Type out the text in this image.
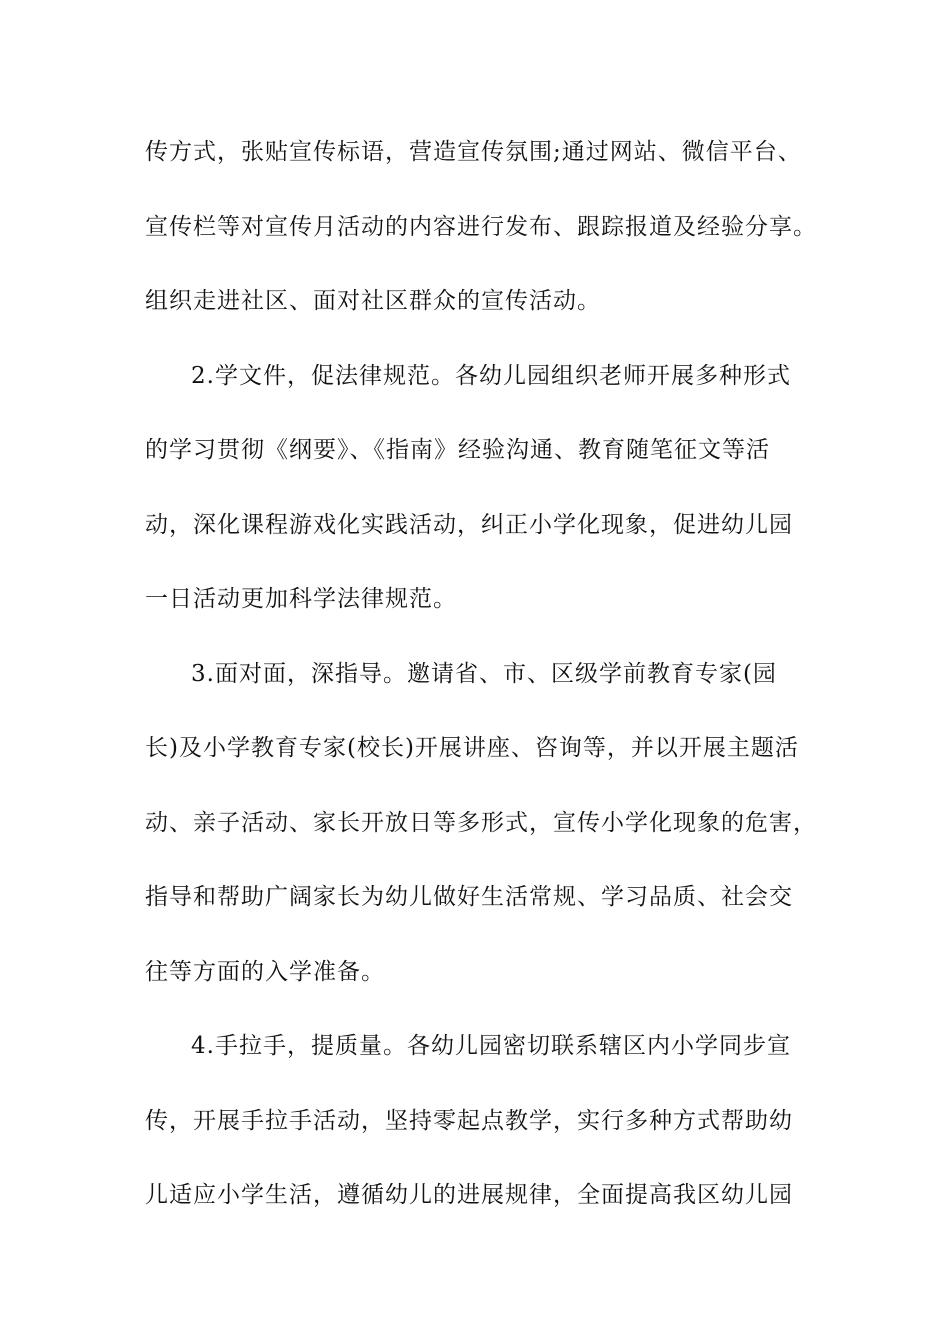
传方式，张贴宣传标语，营造宣传氛围;通过网站、微信平台、
宣传栏等对宣传月活动的内容进行发布、跟踪报道及经验分享。
组织走进社区、面对社区群众的宣传活动。
2.学文件，促法律规范。各幼儿园组织老师开展多种形式
的学习贯彻《纲要》、《指南》经验沟通、教育随笔征文等活
动，深化课程游戏化实践活动，纠正小学化现象，促进幼儿园
一日活动更加科学法律规范。
3.面对面，深指导。邀请省、市、区级学前教育专家(园
长)及小学教育专家(校长)开展讲座、咨询等，并以开展主题活
动、亲子活动、家长开放日等多形式，宣传小学化现象的危害，
指导和帮助广阔家长为幼儿做好生活常规、学习品质、社会交
往等方面的入学准备。
4.手拉手，提质量。各幼儿园密切联系辖区内小学同步宣
传，开展手拉手活动，坚持零起点教学，实行多种方式帮助幼
儿适应小学生活，遵循幼儿的进展规律，全面提高我区幼儿园
